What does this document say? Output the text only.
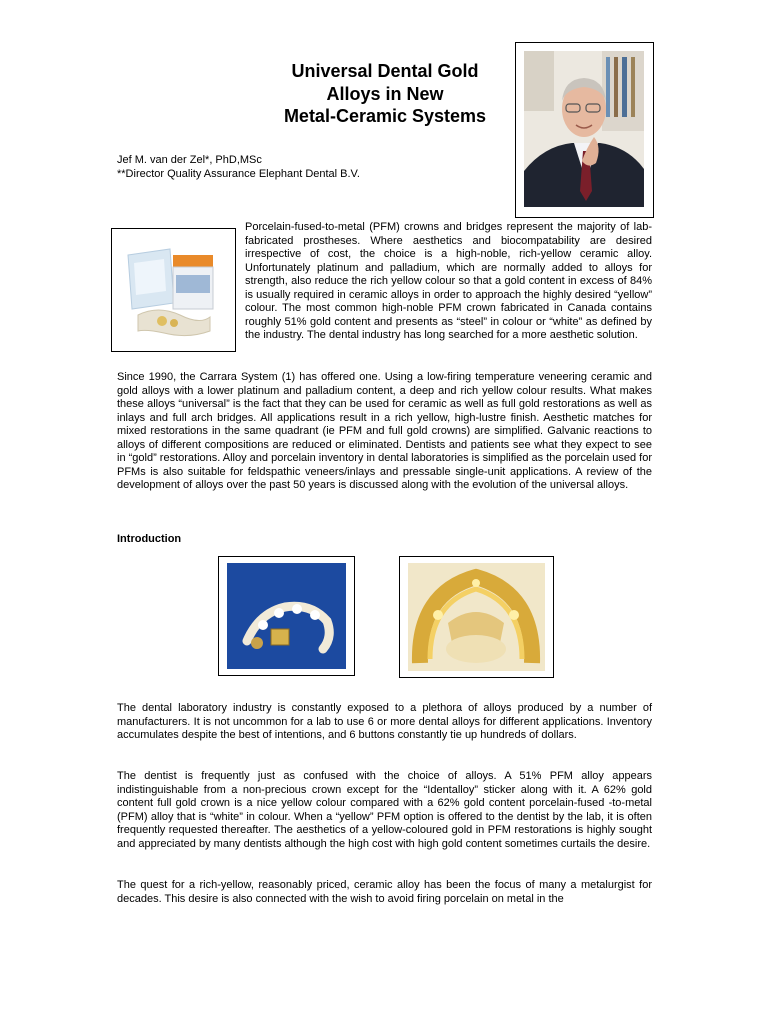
Universal Dental Gold
Alloys in New
Metal-Ceramic Systems
Jef M. van der Zel*, PhD,MSc
**Director Quality Assurance Elephant Dental B.V.

Porcelain-fused-to-metal (PFM) crowns and bridges represent the majority of lab-fabricated prostheses. Where aesthetics and biocompatability are desired irrespective of cost, the choice is a high-noble, rich-yellow ceramic alloy. Unfortunately platinum and palladium, which are normally added to alloys for strength, also reduce the rich yellow colour so that a gold content in excess of 84% is usually required in ceramic alloys in order to approach the highly desired “yellow” colour. The most common high-noble PFM crown fabricated in Canada contains roughly 51% gold content and presents as “steel” in colour or “white” as defined by the industry. The dental industry has long searched for a more aesthetic solution.

Since 1990, the Carrara System (1) has offered one. Using a low-firing temperature veneering ceramic and gold alloys with a lower platinum and palladium content, a deep and rich yellow colour results. What makes these alloys “universal” is the fact that they can be used for ceramic as well as full gold restorations as well as inlays and full arch bridges. All applications result in a rich yellow, high-lustre finish. Aesthetic matches for mixed restorations in the same quadrant (ie PFM and full gold crowns) are simplified. Galvanic reactions to alloys of different compositions are reduced or eliminated. Dentists and patients see what they expect to see in “gold” restorations. Alloy and porcelain inventory in dental laboratories is simplified as the porcelain used for PFMs is also suitable for feldspathic veneers/inlays and pressable single-unit applications. A review of the development of alloys over the past 50 years is discussed along with the evolution of the universal alloys.

Introduction

The dental laboratory industry is constantly exposed to a plethora of alloys produced by a number of manufacturers. It is not uncommon for a lab to use 6 or more dental alloys for different applications. Inventory accumulates despite the best of intentions, and 6 buttons constantly tie up hundreds of dollars.

The dentist is frequently just as confused with the choice of alloys. A 51% PFM alloy appears indistinguishable from a non-precious crown except for the “Identalloy” sticker along with it. A 62% gold content full gold crown is a nice yellow colour compared with a 62% gold content porcelain-fused -to-metal (PFM) alloy that is “white” in colour. When a “yellow” PFM option is offered to the dentist by the lab, it is often frequently requested thereafter. The aesthetics of a yellow-coloured gold in PFM restorations is highly sought and appreciated by many dentists although the high cost with high gold content sometimes curtails the desire.

The quest for a rich-yellow, reasonably priced, ceramic alloy has been the focus of many a metalurgist for decades. This desire is also connected with the wish to avoid firing porcelain on metal in the
